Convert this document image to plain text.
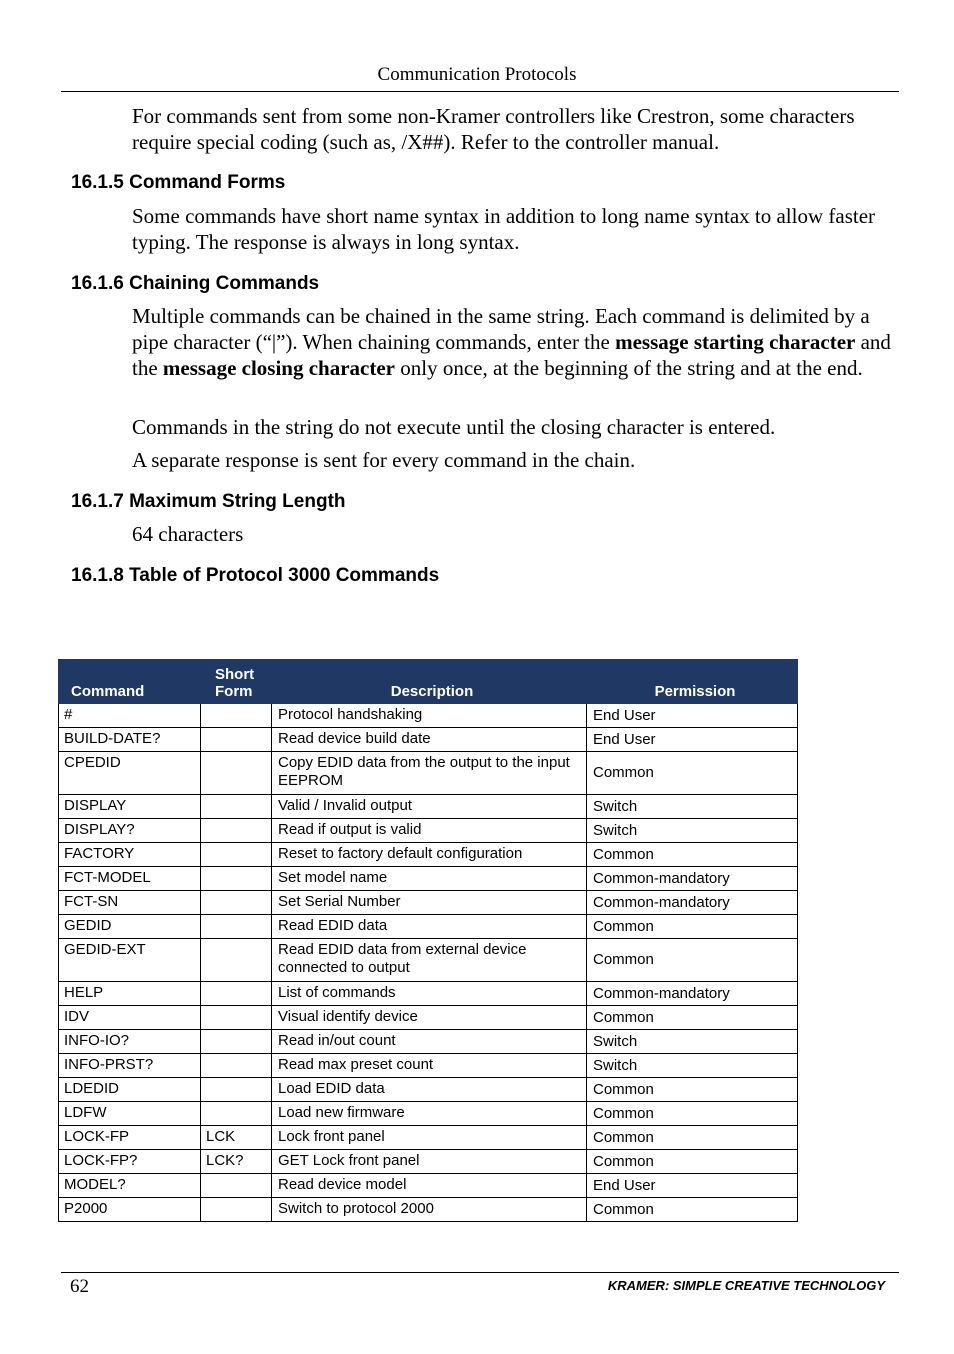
Communication Protocols

For commands sent from some non-Kramer controllers like Crestron, some characters require special coding (such as, /X##). Refer to the controller manual.

16.1.5 Command Forms

Some commands have short name syntax in addition to long name syntax to allow faster typing. The response is always in long syntax.

16.1.6 Chaining Commands

Multiple commands can be chained in the same string. Each command is delimited by a pipe character (“|”). When chaining commands, enter the message starting character and the message closing character only once, at the beginning of the string and at the end.

Commands in the string do not execute until the closing character is entered.

A separate response is sent for every command in the chain.

16.1.7 Maximum String Length

64 characters

16.1.8 Table of Protocol 3000 Commands
Command	Short Form	Description	Permission
#		Protocol handshaking	End User
BUILD-DATE?		Read device build date	End User
CPEDID		Copy EDID data from the output to the input EEPROM	Common
DISPLAY		Valid / Invalid output	Switch
DISPLAY?		Read if output is valid	Switch
FACTORY		Reset to factory default configuration	Common
FCT-MODEL		Set model name	Common-mandatory
FCT-SN		Set Serial Number	Common-mandatory
GEDID		Read EDID data	Common
GEDID-EXT		Read EDID data from external device connected to output	Common
HELP		List of commands	Common-mandatory
IDV		Visual identify device	Common
INFO-IO?		Read in/out count	Switch
INFO-PRST?		Read max preset count	Switch
LDEDID		Load EDID data	Common
LDFW		Load new firmware	Common
LOCK-FP	LCK	Lock front panel	Common
LOCK-FP?	LCK?	GET Lock front panel	Common
MODEL?		Read device model	End User
P2000		Switch to protocol 2000	Common
62	KRAMER: SIMPLE CREATIVE TECHNOLOGY
